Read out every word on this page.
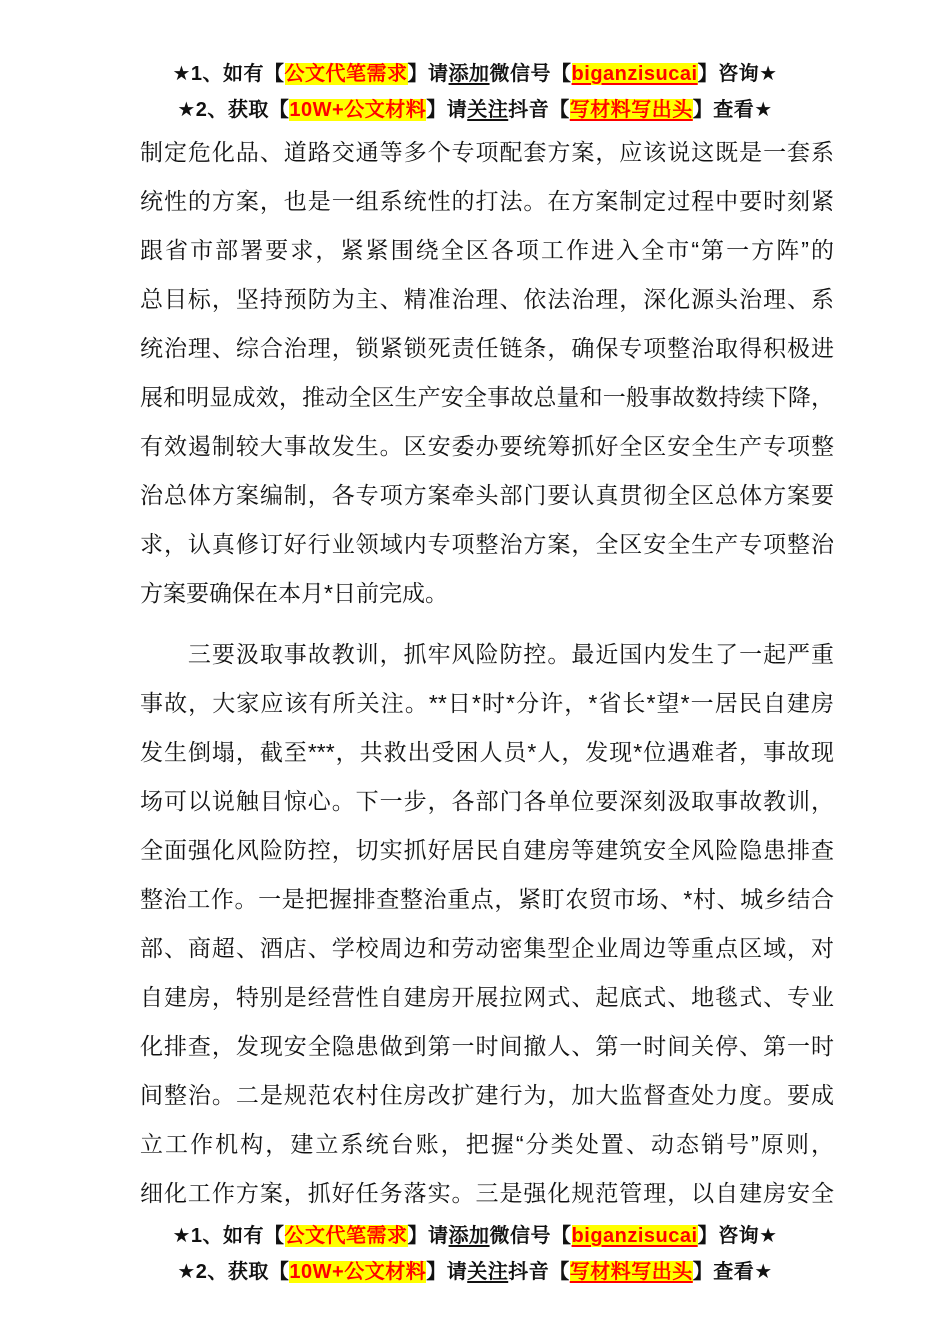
★1、如有【公文代笔需求】请添加微信号【biganzisucai】咨询★
★2、获取【10W+公文材料】请关注抖音【写材料写出头】查看★
制定危化品、道路交通等多个专项配套方案，应该说这既是一套系
统性的方案，也是一组系统性的打法。在方案制定过程中要时刻紧
跟省市部署要求，紧紧围绕全区各项工作进入全市“第一方阵”的
总目标，坚持预防为主、精准治理、依法治理，深化源头治理、系
统治理、综合治理，锁紧锁死责任链条，确保专项整治取得积极进
展和明显成效，推动全区生产安全事故总量和一般事故数持续下降，
有效遏制较大事故发生。区安委办要统筹抓好全区安全生产专项整
治总体方案编制，各专项方案牵头部门要认真贯彻全区总体方案要
求，认真修订好行业领域内专项整治方案，全区安全生产专项整治
方案要确保在本月*日前完成。
　　三要汲取事故教训，抓牢风险防控。最近国内发生了一起严重
事故，大家应该有所关注。**日*时*分许，*省长*望*一居民自建房
发生倒塌，截至***，共救出受困人员*人，发现*位遇难者，事故现
场可以说触目惊心。下一步，各部门各单位要深刻汲取事故教训，
全面强化风险防控，切实抓好居民自建房等建筑安全风险隐患排查
整治工作。一是把握排查整治重点，紧盯农贸市场、*村、城乡结合
部、商超、酒店、学校周边和劳动密集型企业周边等重点区域，对
自建房，特别是经营性自建房开展拉网式、起底式、地毯式、专业
化排查，发现安全隐患做到第一时间撤人、第一时间关停、第一时
间整治。二是规范农村住房改扩建行为，加大监督查处力度。要成
立工作机构，建立系统台账，把握“分类处置、动态销号”原则，
细化工作方案，抓好任务落实。三是强化规范管理，以自建房安全
★1、如有【公文代笔需求】请添加微信号【biganzisucai】咨询★
★2、获取【10W+公文材料】请关注抖音【写材料写出头】查看★
